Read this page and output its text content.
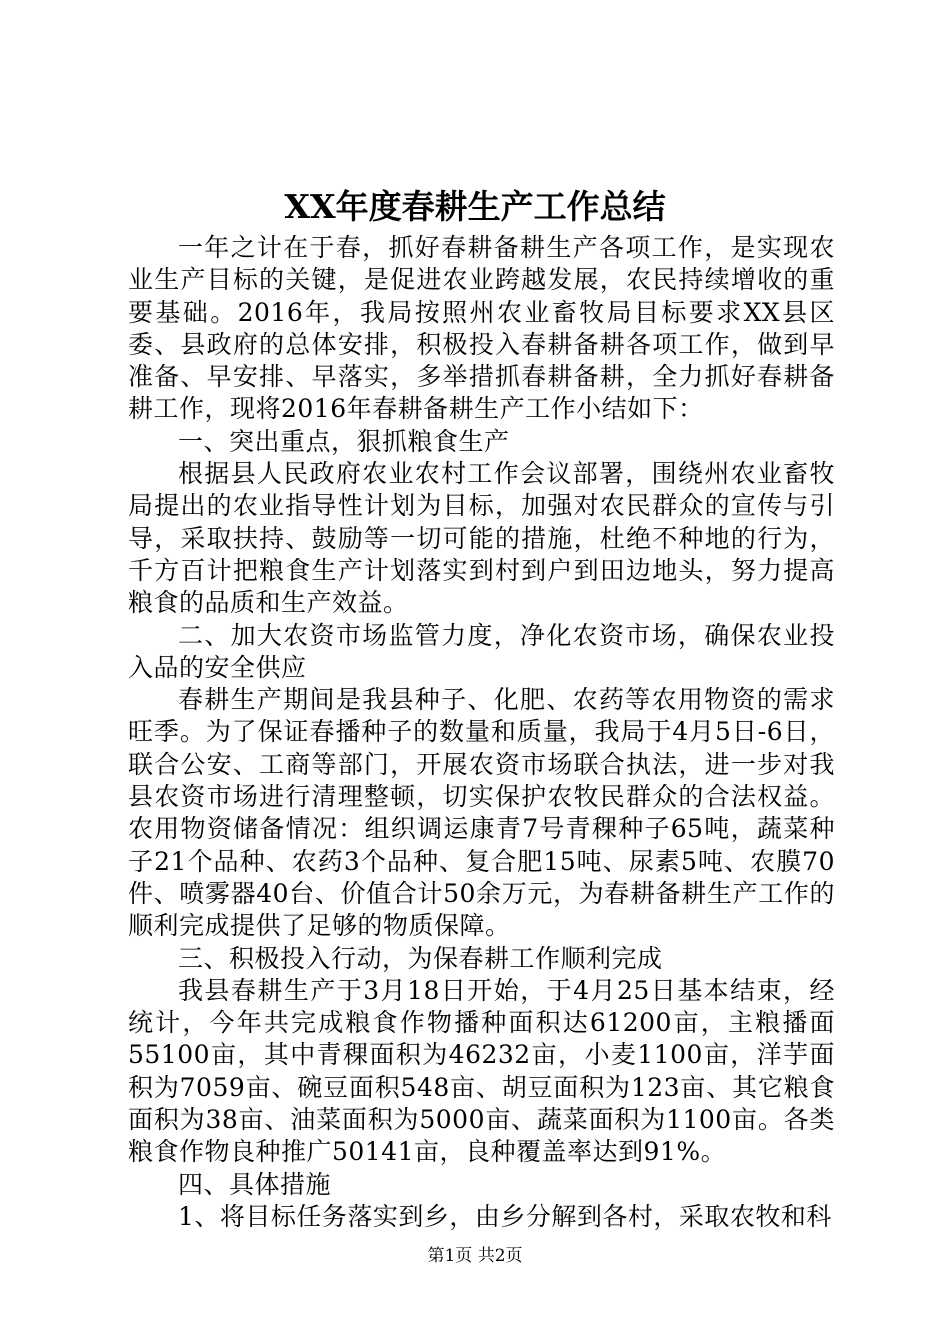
XX年度春耕生产工作总结

一年之计在于春，抓好春耕备耕生产各项工作，是实现农业生产目标的关键，是促进农业跨越发展，农民持续增收的重要基础。2016年，我局按照州农业畜牧局目标要求XX县区委、县政府的总体安排，积极投入春耕备耕各项工作，做到早准备、早安排、早落实，多举措抓春耕备耕，全力抓好春耕备耕工作，现将2016年春耕备耕生产工作小结如下：

一、突出重点，狠抓粮食生产

根据县人民政府农业农村工作会议部署，围绕州农业畜牧局提出的农业指导性计划为目标，加强对农民群众的宣传与引导，采取扶持、鼓励等一切可能的措施，杜绝不种地的行为，千方百计把粮食生产计划落实到村到户到田边地头，努力提高粮食的品质和生产效益。

二、加大农资市场监管力度，净化农资市场，确保农业投入品的安全供应

春耕生产期间是我县种子、化肥、农药等农用物资的需求旺季。为了保证春播种子的数量和质量，我局于4月5日-6日，联合公安、工商等部门，开展农资市场联合执法，进一步对我县农资市场进行清理整顿，切实保护农牧民群众的合法权益。农用物资储备情况：组织调运康青7号青稞种子65吨，蔬菜种子21个品种、农药3个品种、复合肥15吨、尿素5吨、农膜70件、喷雾器40台、价值合计50余万元，为春耕备耕生产工作的顺利完成提供了足够的物质保障。

三、积极投入行动，为保春耕工作顺利完成

我县春耕生产于3月18日开始，于4月25日基本结束，经统计，今年共完成粮食作物播种面积达61200亩，主粮播面55100亩，其中青稞面积为46232亩，小麦1100亩，洋芋面积为7059亩、碗豆面积548亩、胡豆面积为123亩、其它粮食面积为38亩、油菜面积为5000亩、蔬菜面积为1100亩。各类粮食作物良种推广50141亩，良种覆盖率达到91%。

四、具体措施

1、将目标任务落实到乡，由乡分解到各村，采取农牧和科

第1页 共2页
